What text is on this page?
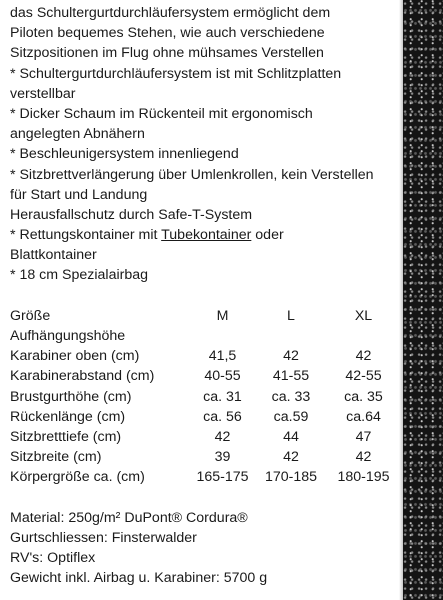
das Schultergurtdurchläufersystem ermöglicht dem
Piloten bequemes Stehen, wie auch verschiedene
Sitzpositionen im Flug ohne mühsames Verstellen
* Schultergurtdurchläufersystem ist mit Schlitzplatten
verstellbar
* Dicker Schaum im Rückenteil mit ergonomisch
angelegten Abnähern
* Beschleunigersystem innenliegend
* Sitzbrettverlängerung über Umlenkrollen, kein Verstellen
für Start und Landung
Herausfallschutz durch Safe-T-System
* Rettungskontainer mit Tubekontainer oder
Blattkontainer
* 18 cm Spezialairbag
Größe	M	L	XL
Aufhängungshöhe			
Karabiner oben (cm)	41,5	42	42
Karabinerabstand (cm)	40-55	41-55	42-55
Brustgurthöhe (cm)	ca. 31	ca. 33	ca. 35
Rückenlänge (cm)	ca. 56	ca.59	ca.64
Sitzbretttiefe (cm)	42	44	47
Sitzbreite (cm)	39	42	42
Körpergröße ca. (cm)	165-175	170-185	180-195
Material: 250g/m² DuPont® Cordura®
Gurtschliessen: Finsterwalder
RV's: Optiflex
Gewicht inkl. Airbag u. Karabiner: 5700 g
